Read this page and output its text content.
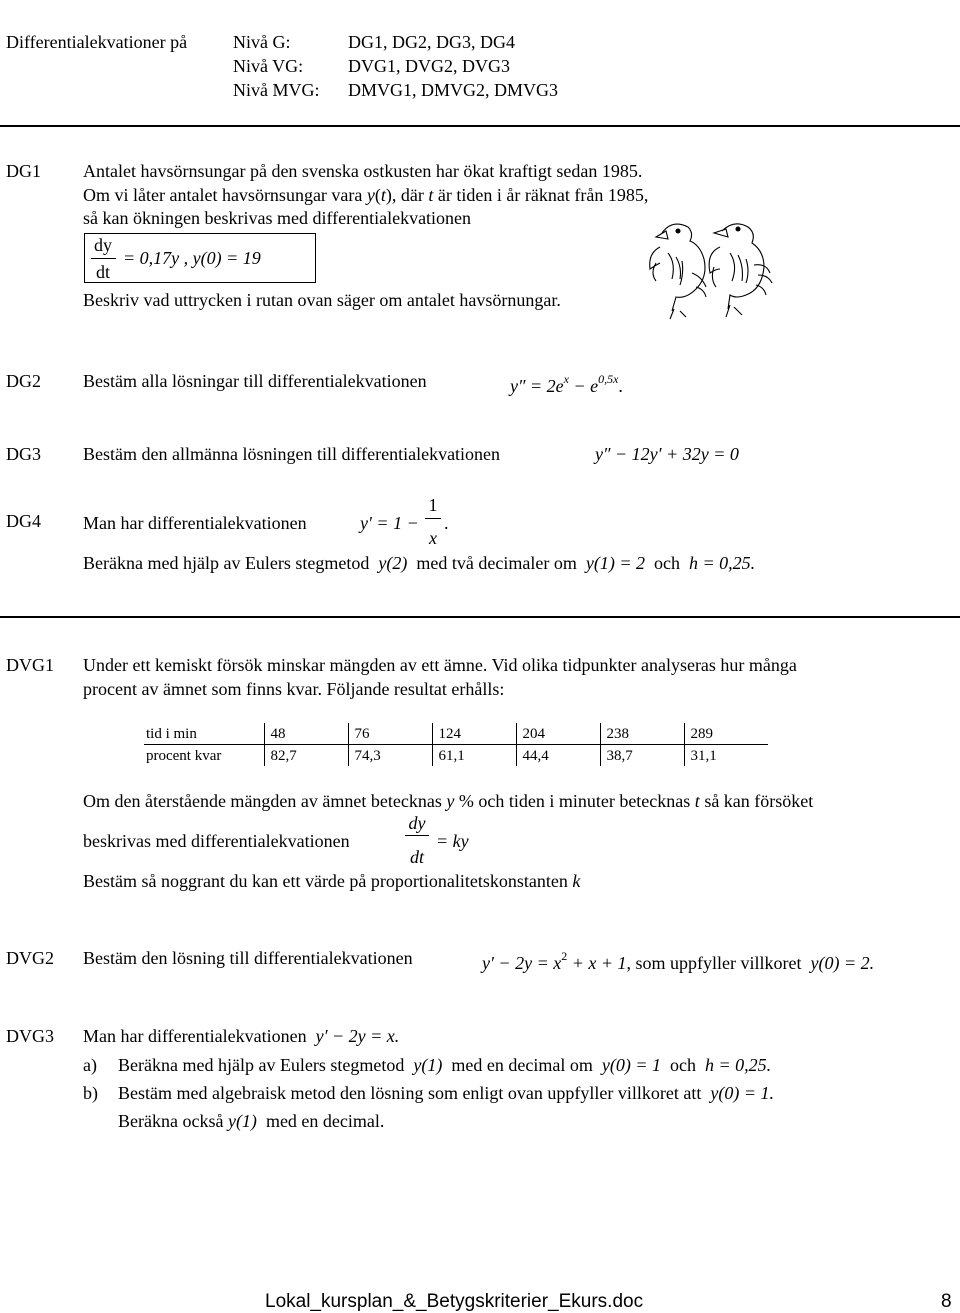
Differentialekvationer på	Nivå G:	DG1, DG2, DG3, DG4
Nivå VG: DVG1, DVG2, DVG3
Nivå MVG: DMVG1, DMVG2, DMVG3
DG1 Antalet havsörnsungar på den svenska ostkusten har ökat kraftigt sedan 1985.
Om vi låter antalet havsörnsungar vara y(t), där t är tiden i år räknat från 1985,
så kan ökningen beskrivas med differentialekvationen
dy
dt
= 0,17y , y(0) = 19
Beskriv vad uttrycken i rutan ovan säger om antalet havsörnungar.
DG2 Bestäm alla lösningar till differentialekvationen	$y'' = 2e^x - e^{0,5x}$.
DG3 Bestäm den allmänna lösningen till differentialekvationen	y″ − 12y′ + 32y = 0
DG4 Man har differentialekvationen	y′ = 1 −
1
x
.
Beräkna med hjälp av Eulers stegmetod y(2) med två decimaler om y(1) = 2 och h = 0,25.
DVG1 Under ett kemiskt försök minskar mängden av ett ämne. Vid olika tidpunkter analyseras hur många
procent av ämnet som finns kvar. Följande resultat erhålls:
tid i min	48	76	124	204	238	289
procent kvar	82,7	74,3	61,1	44,4	38,7	31,1
Om den återstående mängden av ämnet betecknas y % och tiden i minuter betecknas t så kan försöket
beskrivas med differentialekvationen
dy
dt
= ky
Bestäm så noggrant du kan ett värde på proportionalitetskonstanten k
DVG2 Bestäm den lösning till differentialekvationen	$y' - 2y = x^2 + x + 1$, som uppfyller villkoret y(0) = 2.
DVG3 Man har differentialekvationen y′ − 2y = x.
a) Beräkna med hjälp av Eulers stegmetod y(1) med en decimal om y(0) = 1 och h = 0,25.
b) Bestäm med algebraisk metod den lösning som enligt ovan uppfyller villkoret att y(0) = 1.
Beräkna också y(1) med en decimal.
Lokal_kursplan_&_Betygskriterier_Ekurs.doc	8
